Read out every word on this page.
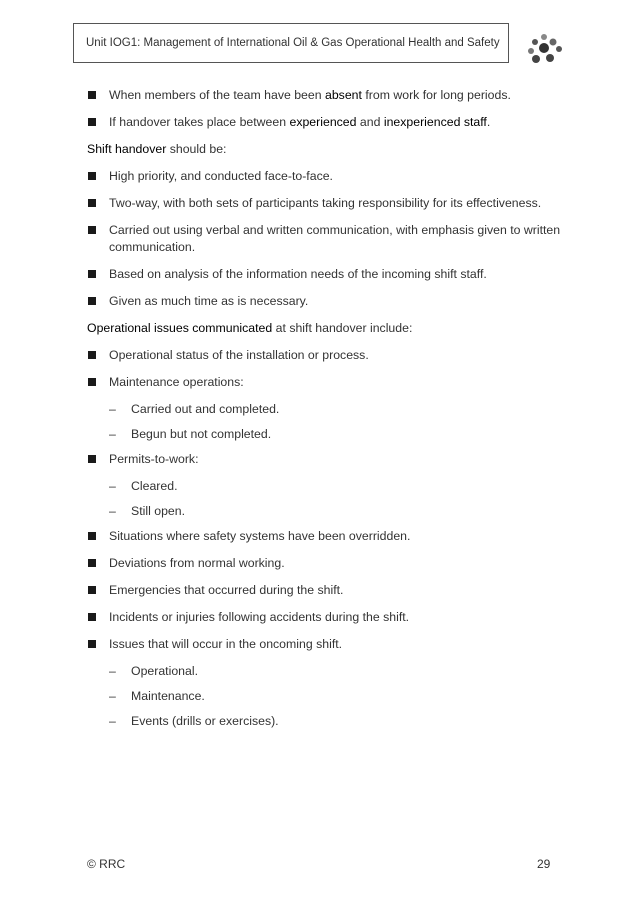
Unit IOG1: Management of International Oil & Gas Operational Health and Safety
When members of the team have been absent from work for long periods.
If handover takes place between experienced and inexperienced staff.
Shift handover should be:
High priority, and conducted face-to-face.
Two-way, with both sets of participants taking responsibility for its effectiveness.
Carried out using verbal and written communication, with emphasis given to written communication.
Based on analysis of the information needs of the incoming shift staff.
Given as much time as is necessary.
Operational issues communicated at shift handover include:
Operational status of the installation or process.
Maintenance operations:
– Carried out and completed.
– Begun but not completed.
Permits-to-work:
– Cleared.
– Still open.
Situations where safety systems have been overridden.
Deviations from normal working.
Emergencies that occurred during the shift.
Incidents or injuries following accidents during the shift.
Issues that will occur in the oncoming shift.
– Operational.
– Maintenance.
– Events (drills or exercises).
© RRC	29
